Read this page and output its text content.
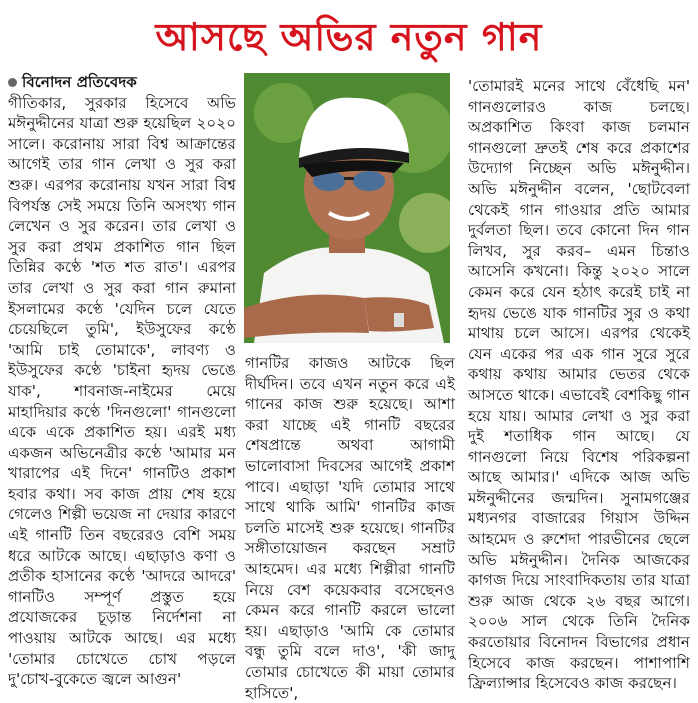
আসছে অভির নতুন গান
বিনোদন প্রতিবেদক
গীতিকার, সুরকার হিসেবে অভি মঈনুদ্দীনের যাত্রা শুরু হয়েছিল ২০২০ সালে। করোনায় সারা বিশ্ব আক্রান্তের আগেই তার গান লেখা ও সুর করা শুরু। এরপর করোনায় যখন সারা বিশ্ব বিপর্যস্ত সেই সময়ে তিনি অসংখ্য গান লেখেন ও সুর করেন। তার লেখা ও সুর করা প্রথম প্রকাশিত গান ছিল তিন্নির কণ্ঠে 'শত শত রাত'। এরপর তার লেখা ও সুর করা গান রুমানা ইসলামের কণ্ঠে 'যেদিন চলে যেতে চেয়েছিলে তুমি', ইউসুফের কণ্ঠে 'আমি চাই তোমাকে', লাবণ্য ও ইউসুফের কণ্ঠে 'চাইনা হৃদয় ভেঙে যাক', শাবনাজ-নাইমের মেয়ে মাহাদিয়ার কণ্ঠে 'দিনগুলো' গানগুলো একে একে প্রকাশিত হয়। এরই মধ্য একজন অভিনেত্রীর কণ্ঠে 'আমার মন খারাপের এই দিনে' গানটিও প্রকাশ হবার কথা। সব কাজ প্রায় শেষ হয়ে গেলেও শিল্পী ভয়েজ না দেয়ার কারণে এই গানটি তিন বছরেরও বেশি সময় ধরে আটকে আছে। এছাড়াও কণা ও প্রতীক হাসানের কণ্ঠে 'আদরে আদরে' গানটিও সম্পূর্ণ প্রস্তুত হয়ে প্রযোজকের চূড়ান্ত নির্দেশনা না পাওয়ায় আটকে আছে। এর মধ্যে 'তোমার চোখেতে চোখ পড়লে দু'চোখ-বুকেতে জ্বলে আগুন'
গানটির কাজও আটকে ছিল দীর্ঘদিন। তবে এখন নতুন করে এই গানের কাজ শুরু হয়েছে। আশা করা যাচ্ছে এই গানটি বছরের শেষপ্রান্তে অথবা আগামী ভালোবাসা দিবসের আগেই প্রকাশ পাবে। এছাড়া 'যদি তোমার সাথে সাথে থাকি আমি' গানটির কাজ চলতি মাসেই শুরু হয়েছে। গানটির সঙ্গীতায়োজন করছেন সম্রাট আহমেদ। এর মধ্যে শিল্পীরা গানটি নিয়ে বেশ কয়েকবার বসেছেনও কেমন করে গানটি করলে ভালো হয়। এছাড়াও 'আমি কে তোমার বন্ধু তুমি বলে দাও', 'কী জাদু তোমার চোখেতে কী মায়া তোমার হাসিতে',
'তোমারই মনের সাথে বেঁধেছি মন' গানগুলোরও কাজ চলছে। অপ্রকাশিত কিংবা কাজ চলমান গানগুলো দ্রুতই শেষ করে প্রকাশের উদ্যোগ নিচ্ছেন অভি মঈনুদ্দীন। অভি মঈনুদ্দীন বলেন, 'ছোটবেলা থেকেই গান গাওয়ার প্রতি আমার দুর্বলতা ছিল। তবে কোনো দিন গান লিখব, সুর করব– এমন চিন্তাও আসেনি কখনো। কিন্তু ২০২০ সালে কেমন করে যেন হঠাৎ করেই চাই না হৃদয় ভেঙে যাক গানটির সুর ও কথা মাথায় চলে আসে। এরপর থেকেই যেন একের পর এক গান সুরে সুরে কথায় কথায় আমার ভেতর থেকে আসতে থাকে। এভাবেই বেশকিছু গান হয়ে যায়। আমার লেখা ও সুর করা দুই শতাধিক গান আছে। যে গানগুলো নিয়ে বিশেষ পরিকল্পনা আছে আমার।' এদিকে আজ অভি মঈনুদ্দীনের জন্মদিন। সুনামগঞ্জের মধ্যনগর বাজারের গিয়াস উদ্দিন আহমেদ ও রুশেদা পারভীনের ছেলে অভি মঈনুদ্দীন। দৈনিক আজকের কাগজ দিয়ে সাংবাদিকতায় তার যাত্রা শুরু আজ থেকে ২৬ বছর আগে। ২০০৬ সাল থেকে তিনি দৈনিক করতোয়ার বিনোদন বিভাগের প্রধান হিসেবে কাজ করছেন। পাশাপাশি ফ্রিল্যান্সার হিসেবেও কাজ করছেন।
